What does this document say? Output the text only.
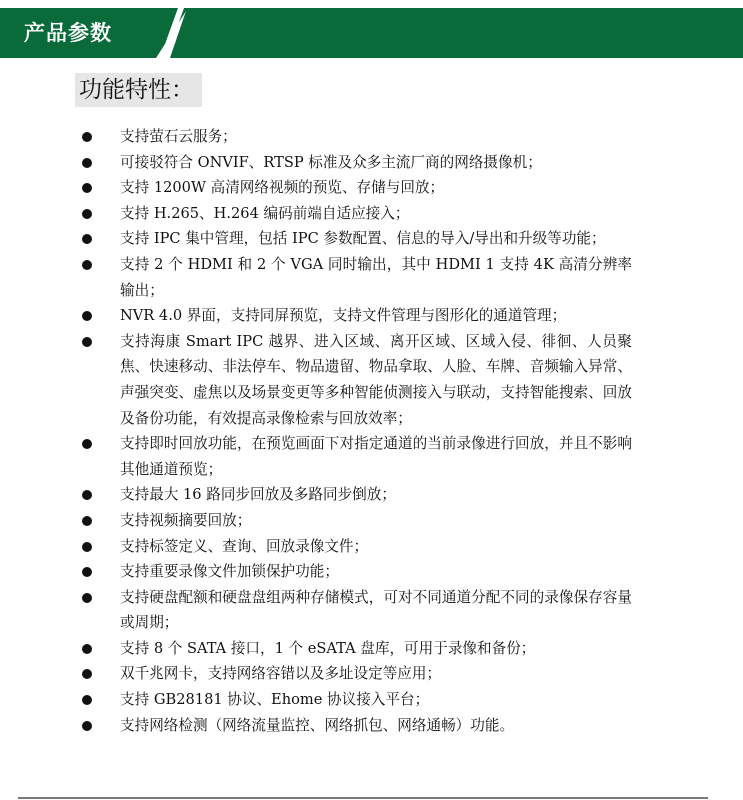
产品参数
功能特性：
支持萤石云服务；
可接驳符合 ONVIF、RTSP 标准及众多主流厂商的网络摄像机；
支持 1200W 高清网络视频的预览、存储与回放；
支持 H.265、H.264 编码前端自适应接入；
支持 IPC 集中管理，包括 IPC 参数配置、信息的导入/导出和升级等功能；
支持 2 个 HDMI 和 2 个 VGA 同时输出，其中 HDMI 1 支持 4K 高清分辨率输出；
NVR 4.0 界面，支持同屏预览，支持文件管理与图形化的通道管理；
支持海康 Smart IPC 越界、进入区域、离开区域、区域入侵、徘徊、人员聚焦、快速移动、非法停车、物品遗留、物品拿取、人脸、车牌、音频输入异常、声强突变、虚焦以及场景变更等多种智能侦测接入与联动，支持智能搜索、回放及备份功能，有效提高录像检索与回放效率；
支持即时回放功能，在预览画面下对指定通道的当前录像进行回放，并且不影响其他通道预览；
支持最大 16 路同步回放及多路同步倒放；
支持视频摘要回放；
支持标签定义、查询、回放录像文件；
支持重要录像文件加锁保护功能；
支持硬盘配额和硬盘盘组两种存储模式，可对不同通道分配不同的录像保存容量或周期；
支持 8 个 SATA 接口，1 个 eSATA 盘库，可用于录像和备份；
双千兆网卡，支持网络容错以及多址设定等应用；
支持 GB28181 协议、Ehome 协议接入平台；
支持网络检测（网络流量监控、网络抓包、网络通畅）功能。
